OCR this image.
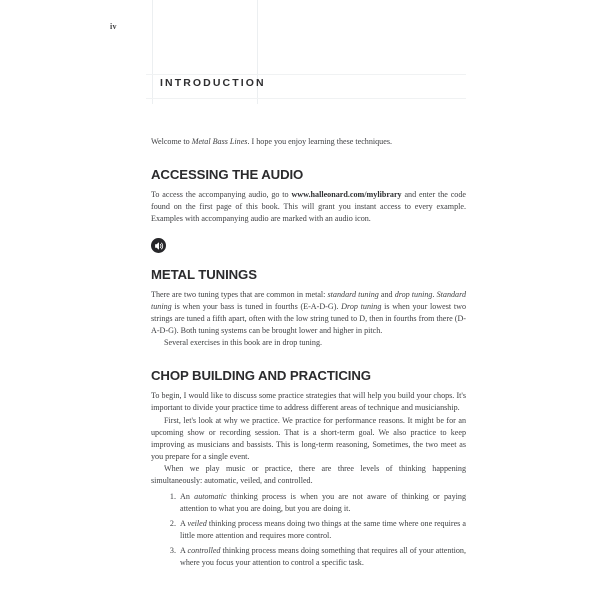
iv
INTRODUCTION

Welcome to Metal Bass Lines. I hope you enjoy learning these techniques.

ACCESSING THE AUDIO

To access the accompanying audio, go to www.halleonard.com/mylibrary and enter the code found on the first page of this book. This will grant you instant access to every example. Examples with accompanying audio are marked with an audio icon.

METAL TUNINGS

There are two tuning types that are common in metal: standard tuning and drop tuning. Standard tuning is when your bass is tuned in fourths (E-A-D-G). Drop tuning is when your lowest two strings are tuned a fifth apart, often with the low string tuned to D, then in fourths from there (D-A-D-G). Both tuning systems can be brought lower and higher in pitch.

Several exercises in this book are in drop tuning.

CHOP BUILDING AND PRACTICING

To begin, I would like to discuss some practice strategies that will help you build your chops. It's important to divide your practice time to address different areas of technique and musicianship.

First, let's look at why we practice. We practice for performance reasons. It might be for an upcoming show or recording session. That is a short-term goal. We also practice to keep improving as musicians and bassists. This is long-term reasoning, Sometimes, the two meet as you prepare for a single event.

When we play music or practice, there are three levels of thinking happening simultaneously: automatic, veiled, and controlled.

1. An automatic thinking process is when you are not aware of thinking or paying attention to what you are doing, but you are doing it.
2. A veiled thinking process means doing two things at the same time where one requires a little more attention and requires more control.
3. A controlled thinking process means doing something that requires all of your attention, where you focus your attention to control a specific task.
